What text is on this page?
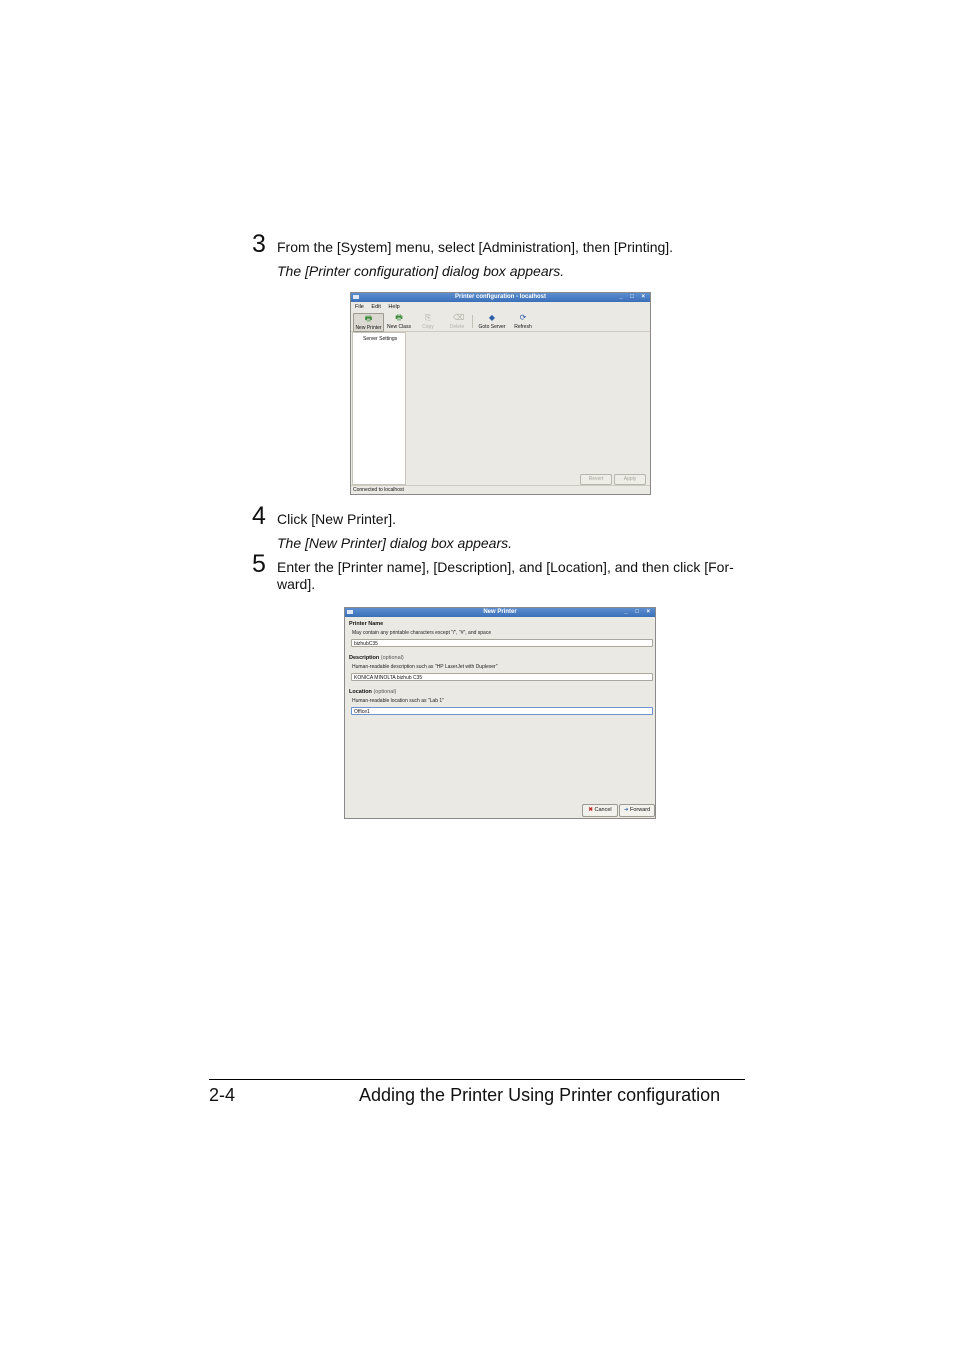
3 From the [System] menu, select [Administration], then [Printing].
The [Printer configuration] dialog box appears.
Printer configuration - localhost	_ □ ×
File Edit Help
🖶
New Printer
🖶
New Class
⎘
Copy
⌫
Delete
◆
Goto Server
⟳
Refresh
Server Settings
Revert	Apply
Connected to localhost
4 Click [New Printer].
The [New Printer] dialog box appears.
5 Enter the [Printer name], [Description], and [Location], and then click [For-
ward].
New Printer	_ □ ×
Printer Name
May contain any printable characters except "/", "#", and space
bizhubC35
Description (optional)
Human-readable description such as "HP LaserJet with Duplexer"
KONICA MINOLTA bizhub C35
Location (optional)
Human-readable location such as "Lab 1"
Office1
✖ Cancel	➜ Forward
2-4	Adding the Printer Using Printer configuration
